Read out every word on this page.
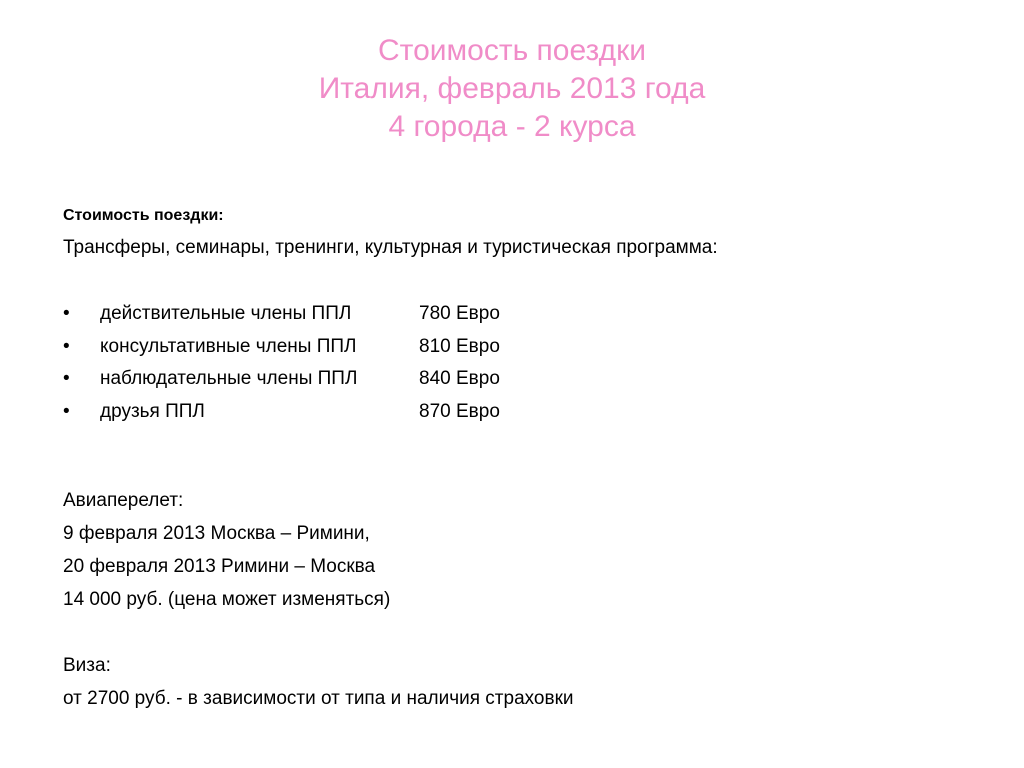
Стоимость поездки
Италия, февраль 2013 года
4 города - 2 курса
Стоимость поездки:
Трансферы, семинары, тренинги, культурная и туристическая программа:
• действительные члены ППЛ	780 Евро
• консультативные члены ППЛ	810 Евро
• наблюдательные члены ППЛ	840 Евро
• друзья ППЛ	870 Евро
Авиаперелет:
9 февраля 2013 Москва – Римини,
20 февраля 2013 Римини – Москва
14 000 руб. (цена может изменяться)
Виза:
от 2700 руб. - в зависимости от типа и наличия страховки
